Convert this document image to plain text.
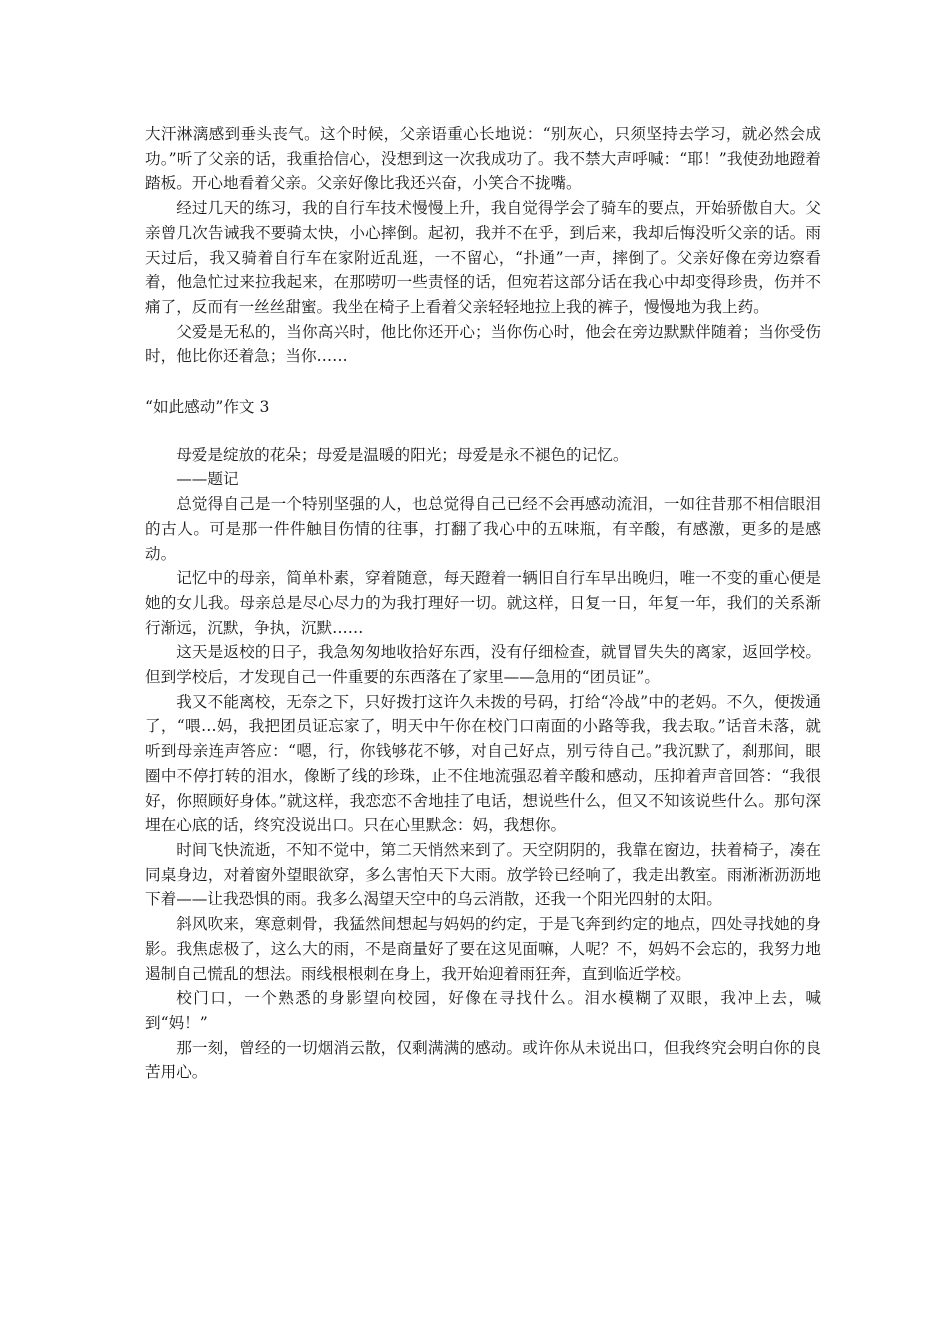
大汗淋漓感到垂头丧气。这个时候，父亲语重心长地说：“别灰心，只须坚持去学习，就必然会成功。”听了父亲的话，我重拾信心，没想到这一次我成功了。我不禁大声呼喊：“耶！”我使劲地蹬着踏板。开心地看着父亲。父亲好像比我还兴奋，小笑合不拢嘴。

经过几天的练习，我的自行车技术慢慢上升，我自觉得学会了骑车的要点，开始骄傲自大。父亲曾几次告诫我不要骑太快，小心摔倒。起初，我并不在乎，到后来，我却后悔没听父亲的话。雨天过后，我又骑着自行车在家附近乱逛，一不留心，“扑通”一声，摔倒了。父亲好像在旁边察看着，他急忙过来拉我起来，在那唠叨一些责怪的话，但宛若这部分话在我心中却变得珍贵，伤并不痛了，反而有一丝丝甜蜜。我坐在椅子上看着父亲轻轻地拉上我的裤子，慢慢地为我上药。

父爱是无私的，当你高兴时，他比你还开心；当你伤心时，他会在旁边默默伴随着；当你受伤时，他比你还着急；当你……

“如此感动”作文 3

母爱是绽放的花朵；母爱是温暖的阳光；母爱是永不褪色的记忆。

——题记

总觉得自己是一个特别坚强的人，也总觉得自己已经不会再感动流泪，一如往昔那不相信眼泪的古人。可是那一件件触目伤情的往事，打翻了我心中的五味瓶，有辛酸，有感激，更多的是感动。

记忆中的母亲，简单朴素，穿着随意，每天蹬着一辆旧自行车早出晚归，唯一不变的重心便是她的女儿我。母亲总是尽心尽力的为我打理好一切。就这样，日复一日，年复一年，我们的关系渐行渐远，沉默，争执，沉默……

这天是返校的日子，我急匆匆地收拾好东西，没有仔细检查，就冒冒失失的离家，返回学校。但到学校后，才发现自己一件重要的东西落在了家里——急用的“团员证”。

我又不能离校，无奈之下，只好拨打这许久未拨的号码，打给“冷战”中的老妈。不久，便拨通了，“喂…妈，我把团员证忘家了，明天中午你在校门口南面的小路等我，我去取。”话音未落，就听到母亲连声答应：“嗯，行，你钱够花不够，对自己好点，别亏待自己。”我沉默了，刹那间，眼圈中不停打转的泪水，像断了线的珍珠，止不住地流强忍着辛酸和感动，压抑着声音回答：“我很好，你照顾好身体。”就这样，我恋恋不舍地挂了电话，想说些什么，但又不知该说些什么。那句深埋在心底的话，终究没说出口。只在心里默念：妈，我想你。

时间飞快流逝，不知不觉中，第二天悄然来到了。天空阴阴的，我靠在窗边，扶着椅子，凑在同桌身边，对着窗外望眼欲穿，多么害怕天下大雨。放学铃已经响了，我走出教室。雨淅淅沥沥地下着——让我恐惧的雨。我多么渴望天空中的乌云消散，还我一个阳光四射的太阳。

斜风吹来，寒意刺骨，我猛然间想起与妈妈的约定，于是飞奔到约定的地点，四处寻找她的身影。我焦虑极了，这么大的雨，不是商量好了要在这见面嘛，人呢？不，妈妈不会忘的，我努力地遏制自己慌乱的想法。雨线根根刺在身上，我开始迎着雨狂奔，直到临近学校。

校门口，一个熟悉的身影望向校园，好像在寻找什么。泪水模糊了双眼，我冲上去，喊到“妈！”

那一刻，曾经的一切烟消云散，仅剩满满的感动。或许你从未说出口，但我终究会明白你的良苦用心。
